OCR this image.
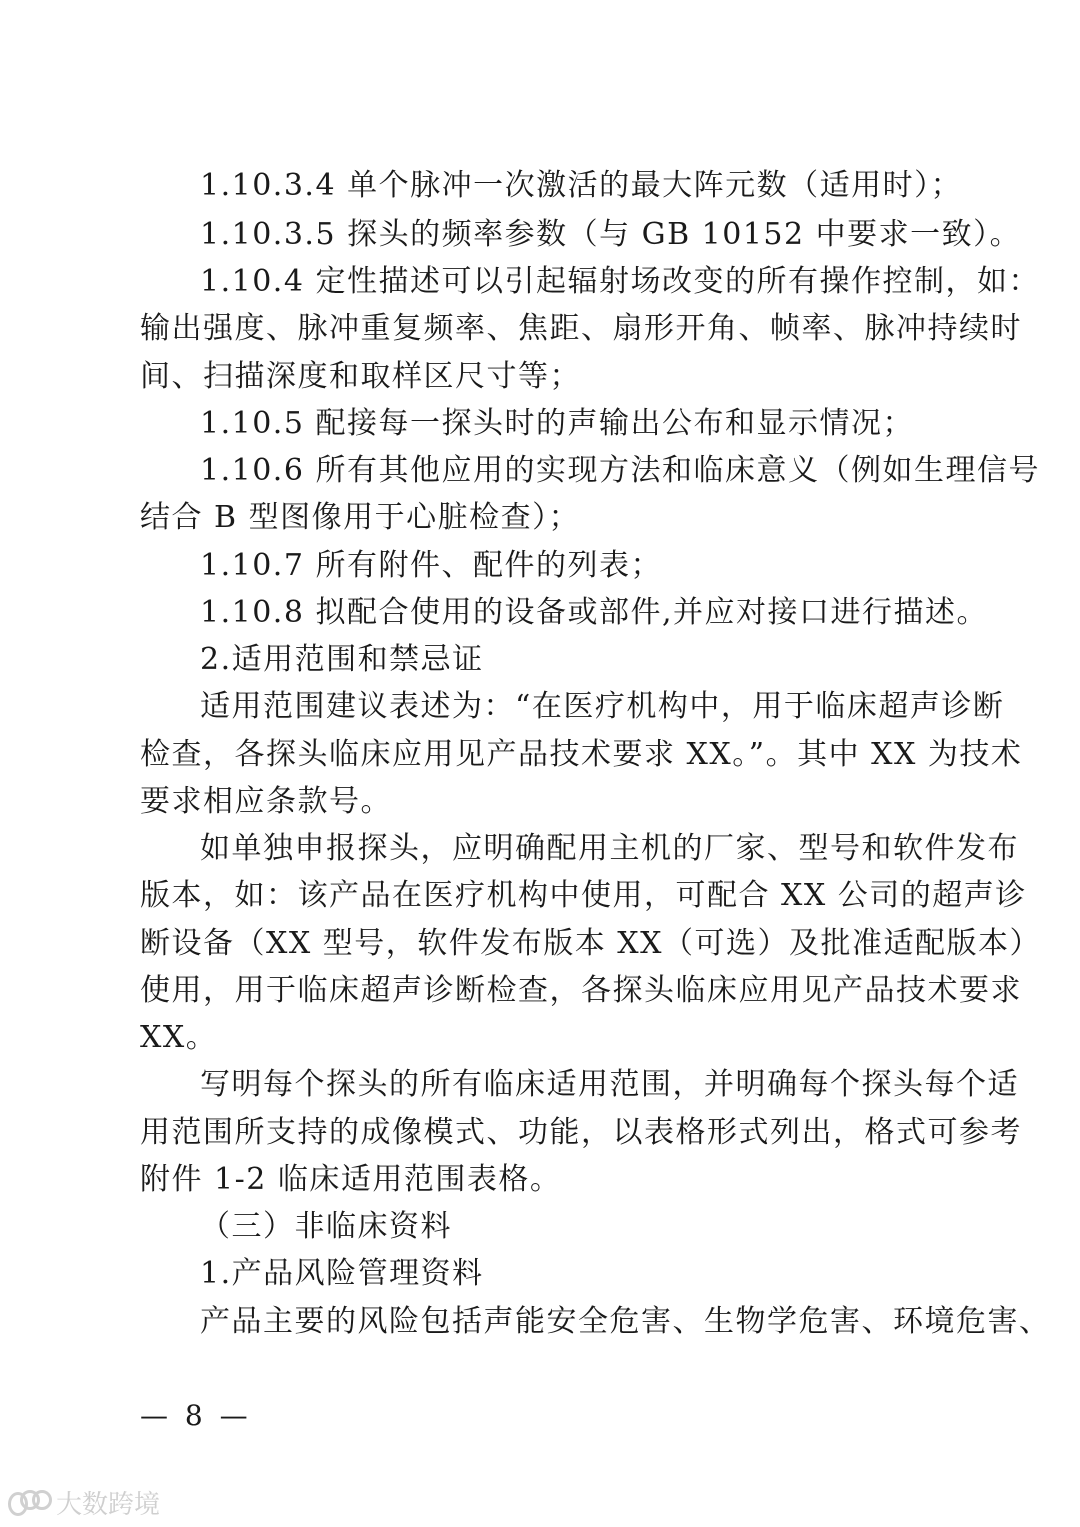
1.10.3.4 单个脉冲一次激活的最大阵元数（适用时）；
1.10.3.5 探头的频率参数（与 GB 10152 中要求一致）。
1.10.4 定性描述可以引起辐射场改变的所有操作控制，如：
输出强度、脉冲重复频率、焦距、扇形开角、帧率、脉冲持续时
间、扫描深度和取样区尺寸等；
1.10.5 配接每一探头时的声输出公布和显示情况；
1.10.6 所有其他应用的实现方法和临床意义（例如生理信号
结合 B 型图像用于心脏检查）；
1.10.7 所有附件、配件的列表；
1.10.8 拟配合使用的设备或部件,并应对接口进行描述。
2.适用范围和禁忌证
适用范围建议表述为：“在医疗机构中，用于临床超声诊断
检查，各探头临床应用见产品技术要求 XX。”。其中 XX 为技术
要求相应条款号。
如单独申报探头，应明确配用主机的厂家、型号和软件发布
版本，如：该产品在医疗机构中使用，可配合 XX 公司的超声诊
断设备（XX 型号，软件发布版本 XX（可选）及批准适配版本）
使用，用于临床超声诊断检查，各探头临床应用见产品技术要求
XX。
写明每个探头的所有临床适用范围，并明确每个探头每个适
用范围所支持的成像模式、功能，以表格形式列出，格式可参考
附件 1-2 临床适用范围表格。
（三）非临床资料
1.产品风险管理资料
产品主要的风险包括声能安全危害、生物学危害、环境危害、
— 8 —
大数跨境
